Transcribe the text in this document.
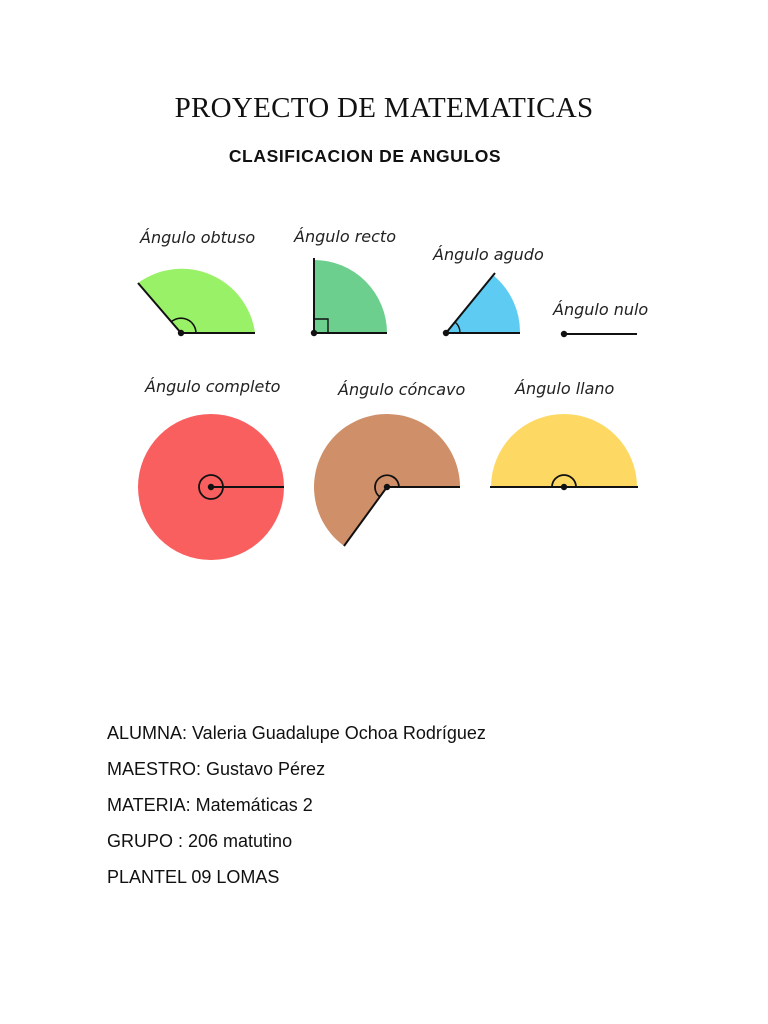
PROYECTO DE MATEMATICAS
CLASIFICACION DE ANGULOS
Ángulo obtuso Ángulo recto
Ángulo agudo
Ángulo nulo
Ángulo completo	Ángulo cóncavo	Ángulo llano
ALUMNA: Valeria Guadalupe Ochoa Rodríguez
MAESTRO: Gustavo Pérez
MATERIA: Matemáticas 2
GRUPO : 206 matutino
PLANTEL 09 LOMAS
